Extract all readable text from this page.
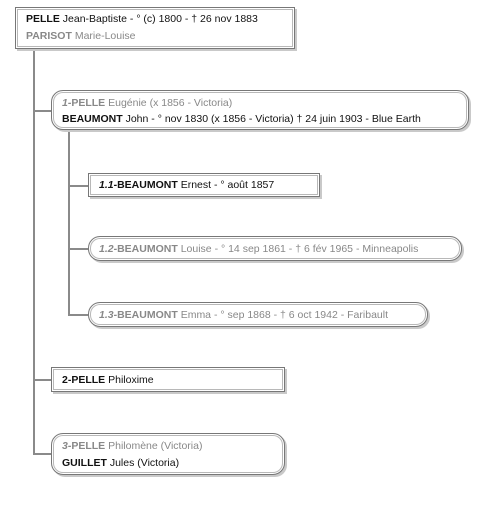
PELLE Jean-Baptiste - ° (c) 1800 - † 26 nov 1883
PARISOT Marie-Louise
1-PELLE Eugénie (x 1856 - Victoria)
BEAUMONT John - ° nov 1830 (x 1856 - Victoria) † 24 juin 1903 - Blue Earth
1.1-BEAUMONT Ernest - ° août 1857
1.2-BEAUMONT Louise - ° 14 sep 1861 - † 6 fév 1965 - Minneapolis
1.3-BEAUMONT Emma - ° sep 1868 - † 6 oct 1942 - Faribault
2-PELLE Philoxime
3-PELLE Philomène (Victoria)
GUILLET Jules (Victoria)
